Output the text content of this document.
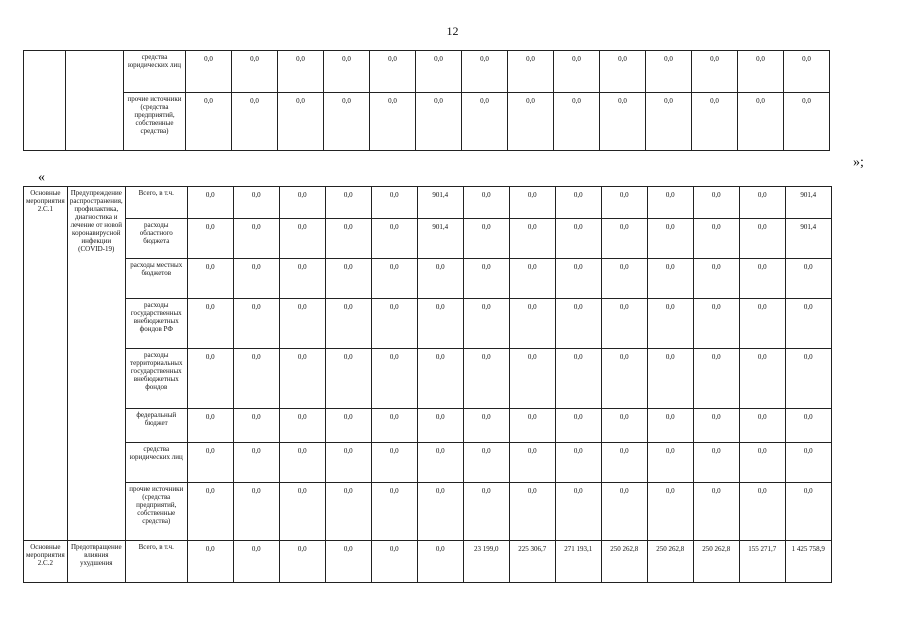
12
		средства юридических лиц	0,0	0,0	0,0	0,0	0,0	0,0	0,0	0,0	0,0	0,0	0,0	0,0	0,0	0,0
		прочие источники (средства предприятий, собственные средства)	0,0	0,0	0,0	0,0	0,0	0,0	0,0	0,0	0,0	0,0	0,0	0,0	0,0	0,0
»;
«
Основные мероприятия 2.С.1	Предупреждение распространения, профилактика, диагностика и лечение от новой коронавирусной инфекции (COVID-19)	Всего, в т.ч.	0,0	0,0	0,0	0,0	0,0	901,4	0,0	0,0	0,0	0,0	0,0	0,0	0,0	901,4
		расходы областного бюджета	0,0	0,0	0,0	0,0	0,0	901,4	0,0	0,0	0,0	0,0	0,0	0,0	0,0	901,4
		расходы местных бюджетов	0,0	0,0	0,0	0,0	0,0	0,0	0,0	0,0	0,0	0,0	0,0	0,0	0,0	0,0
		расходы государственных внебюджетных фондов РФ	0,0	0,0	0,0	0,0	0,0	0,0	0,0	0,0	0,0	0,0	0,0	0,0	0,0	0,0
		расходы территориальных государственных внебюджетных фондов	0,0	0,0	0,0	0,0	0,0	0,0	0,0	0,0	0,0	0,0	0,0	0,0	0,0	0,0
		федеральный бюджет	0,0	0,0	0,0	0,0	0,0	0,0	0,0	0,0	0,0	0,0	0,0	0,0	0,0	0,0
		средства юридических лиц	0,0	0,0	0,0	0,0	0,0	0,0	0,0	0,0	0,0	0,0	0,0	0,0	0,0	0,0
		прочие источники (средства предприятий, собственные средства)	0,0	0,0	0,0	0,0	0,0	0,0	0,0	0,0	0,0	0,0	0,0	0,0	0,0	0,0
Основные мероприятия 2.С.2	Предотвращение влияния ухудшения	Всего, в т.ч.	0,0	0,0	0,0	0,0	0,0	0,0	23 199,0	225 306,7	271 193,1	250 262,8	250 262,8	250 262,8	155 271,7	1 425 758,9
